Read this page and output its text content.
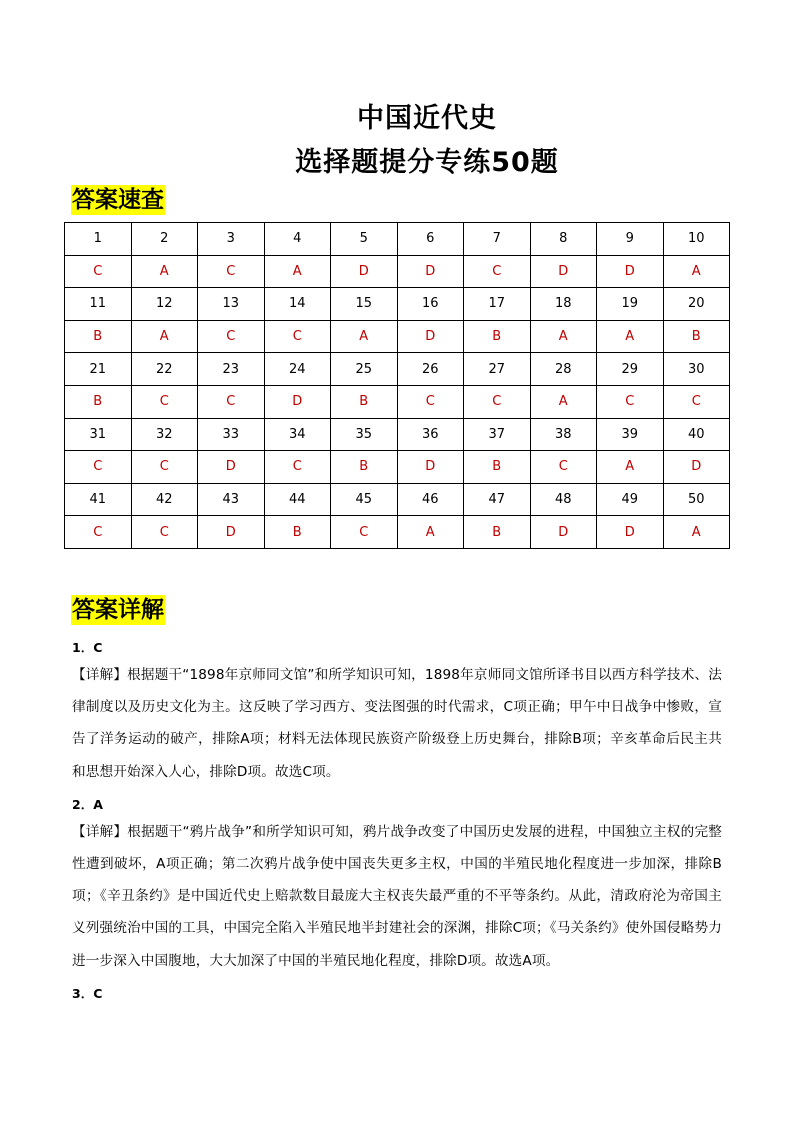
中国近代史
选择题提分专练50题
答案速查
1	2	3	4	5	6	7	8	9	10
C	A	C	A	D	D	C	D	D	A
11	12	13	14	15	16	17	18	19	20
B	A	C	C	A	D	B	A	A	B
21	22	23	24	25	26	27	28	29	30
B	C	C	D	B	C	C	A	C	C
31	32	33	34	35	36	37	38	39	40
C	C	D	C	B	D	B	C	A	D
41	42	43	44	45	46	47	48	49	50
C	C	D	B	C	A	B	D	D	A
答案详解

1．C

【详解】根据题干“1898年京师同文馆”和所学知识可知，1898年京师同文馆所译书目以西方科学技术、法律制度以及历史文化为主。这反映了学习西方、变法图强的时代需求，C项正确；甲午中日战争中惨败，宣告了洋务运动的破产，排除A项；材料无法体现民族资产阶级登上历史舞台，排除B项；辛亥革命后民主共和思想开始深入人心，排除D项。故选C项。

2．A

【详解】根据题干“鸦片战争”和所学知识可知，鸦片战争改变了中国历史发展的进程，中国独立主权的完整性遭到破坏，A项正确；第二次鸦片战争使中国丧失更多主权，中国的半殖民地化程度进一步加深，排除B项；《辛丑条约》是中国近代史上赔款数目最庞大主权丧失最严重的不平等条约。从此，清政府沦为帝国主义列强统治中国的工具，中国完全陷入半殖民地半封建社会的深渊，排除C项；《马关条约》使外国侵略势力进一步深入中国腹地，大大加深了中国的半殖民地化程度，排除D项。故选A项。

3．C
